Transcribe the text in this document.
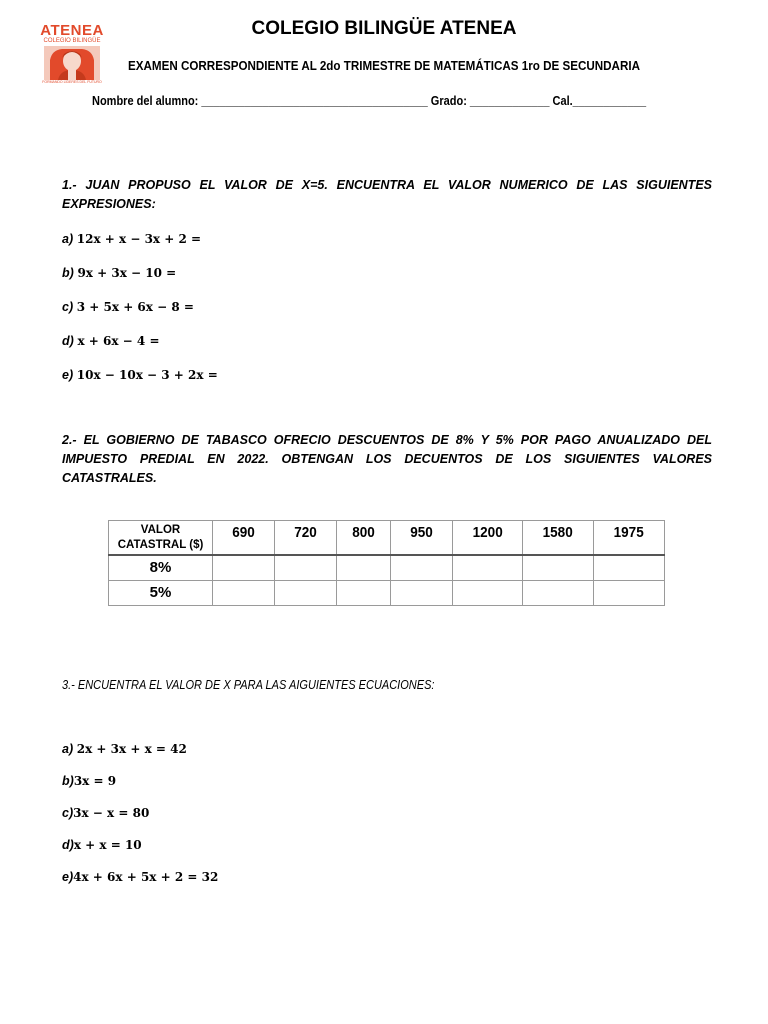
ATENEA
COLEGIO BILINGÜE
FORMANDO LÍDERES DEL FUTURO
COLEGIO BILINGÜE ATENEA
EXAMEN CORRESPONDIENTE AL 2do TRIMESTRE DE MATEMÁTICAS 1ro DE SECUNDARIA
Nombre del alumno: _____________________________________ Grado: _____________ Cal.____________
1.- JUAN PROPUSO EL VALOR DE X=5. ENCUENTRA EL VALOR NUMERICO DE LAS SIGUIENTES EXPRESIONES:
a) 12x + x − 3x + 2 =
b) 9x + 3x − 10 =
c) 3 + 5x + 6x − 8 =
d) x + 6x − 4 =
e) 10x − 10x − 3 + 2x =
2.- EL GOBIERNO DE TABASCO OFRECIO DESCUENTOS DE 8% Y 5% POR PAGO ANUALIZADO DEL IMPUESTO PREDIAL EN 2022. OBTENGAN LOS DECUENTOS DE LOS SIGUIENTES VALORES CATASTRALES.
VALOR
CATASTRAL ($)	690	720	800	950	1200	1580	1975
8%							
5%							
3.- ENCUENTRA EL VALOR DE X PARA LAS AIGUIENTES ECUACIONES:
a) 2x + 3x + x = 42
b)3x = 9
c)3x − x = 80
d)x + x = 10
e)4x + 6x + 5x + 2 = 32
